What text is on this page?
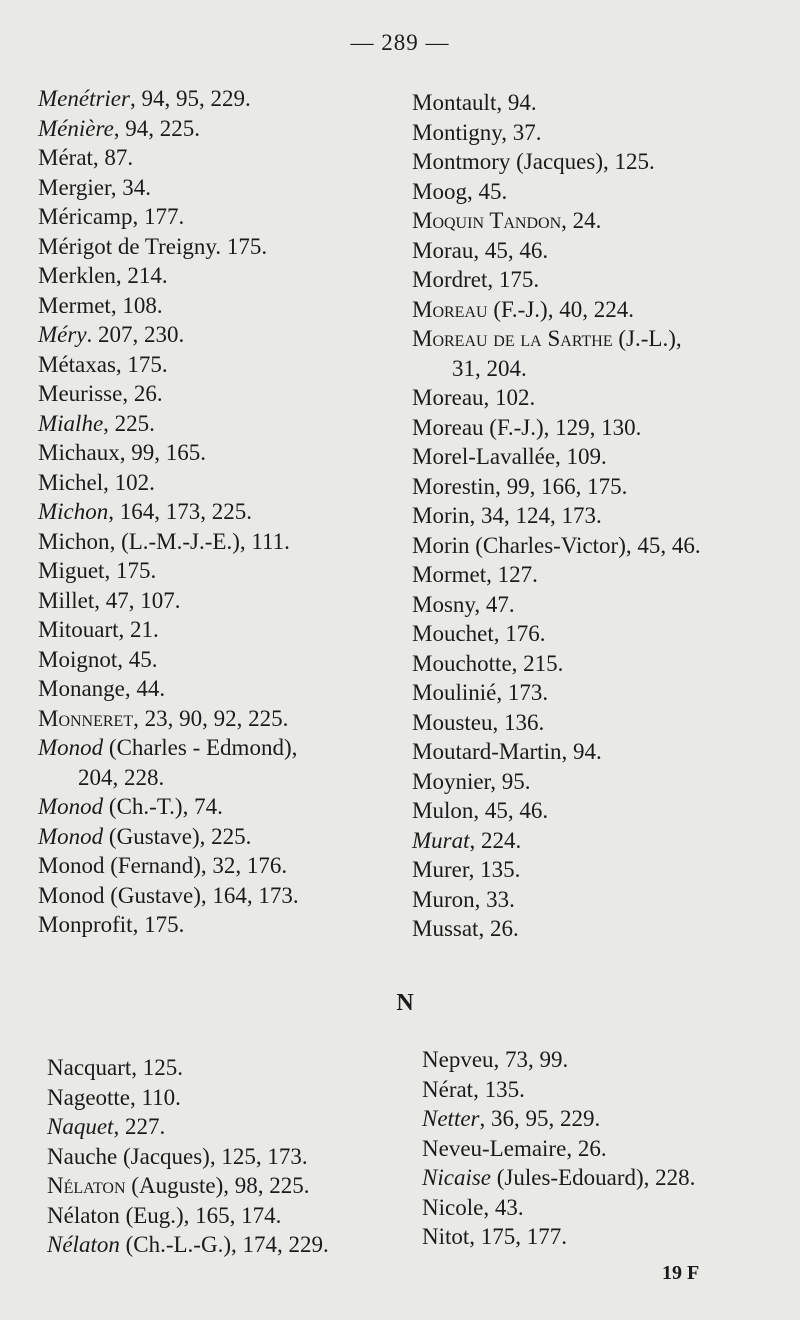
— 289 —
Menétrier, 94, 95, 229.
Ménière, 94, 225.
Mérat, 87.
Mergier, 34.
Méricamp, 177.
Mérigot de Treigny. 175.
Merklen, 214.
Mermet, 108.
Méry. 207, 230.
Métaxas, 175.
Meurisse, 26.
Mialhe, 225.
Michaux, 99, 165.
Michel, 102.
Michon, 164, 173, 225.
Michon, (L.-M.-J.-E.), 111.
Miguet, 175.
Millet, 47, 107.
Mitouart, 21.
Moignot, 45.
Monange, 44.
Monneret, 23, 90, 92, 225.
Monod (Charles - Edmond),
204, 228.
Monod (Ch.-T.), 74.
Monod (Gustave), 225.
Monod (Fernand), 32, 176.
Monod (Gustave), 164, 173.
Monprofit, 175.
Montault, 94.
Montigny, 37.
Montmory (Jacques), 125.
Moog, 45.
Moquin Tandon, 24.
Morau, 45, 46.
Mordret, 175.
Moreau (F.-J.), 40, 224.
Moreau de la Sarthe (J.-L.),
31, 204.
Moreau, 102.
Moreau (F.-J.), 129, 130.
Morel-Lavallée, 109.
Morestin, 99, 166, 175.
Morin, 34, 124, 173.
Morin (Charles-Victor), 45, 46.
Mormet, 127.
Mosny, 47.
Mouchet, 176.
Mouchotte, 215.
Moulinié, 173.
Mousteu, 136.
Moutard-Martin, 94.
Moynier, 95.
Mulon, 45, 46.
Murat, 224.
Murer, 135.
Muron, 33.
Mussat, 26.
N
Nacquart, 125.
Nageotte, 110.
Naquet, 227.
Nauche (Jacques), 125, 173.
Nélaton (Auguste), 98, 225.
Nélaton (Eug.), 165, 174.
Nélaton (Ch.-L.-G.), 174, 229.
Nepveu, 73, 99.
Nérat, 135.
Netter, 36, 95, 229.
Neveu-Lemaire, 26.
Nicaise (Jules-Edouard), 228.
Nicole, 43.
Nitot, 175, 177.
19 F
